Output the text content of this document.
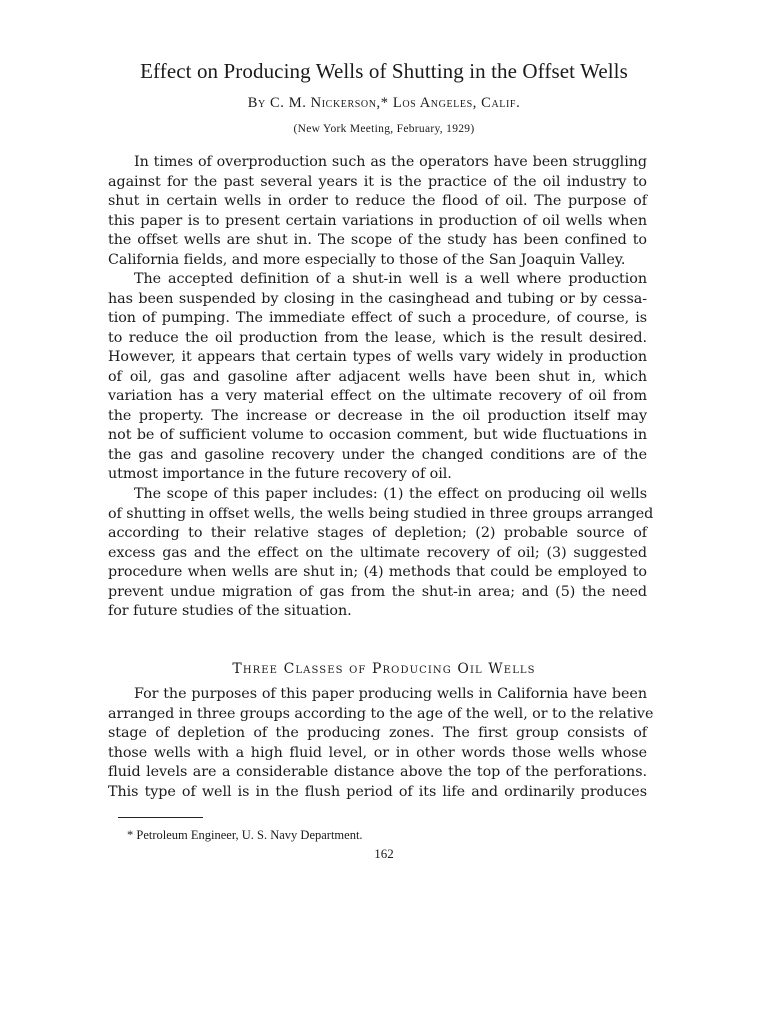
Effect on Producing Wells of Shutting in the Offset Wells
By C. M. Nickerson,* Los Angeles, Calif.
(New York Meeting, February, 1929)
In times of overproduction such as the operators have been struggling
against for the past several years it is the practice of the oil industry to
shut in certain wells in order to reduce the flood of oil. The purpose of
this paper is to present certain variations in production of oil wells when
the offset wells are shut in. The scope of the study has been confined to
California fields, and more especially to those of the San Joaquin Valley.
The accepted definition of a shut-in well is a well where production
has been suspended by closing in the casinghead and tubing or by cessa-
tion of pumping. The immediate effect of such a procedure, of course, is
to reduce the oil production from the lease, which is the result desired.
However, it appears that certain types of wells vary widely in production
of oil, gas and gasoline after adjacent wells have been shut in, which
variation has a very material effect on the ultimate recovery of oil from
the property. The increase or decrease in the oil production itself may
not be of sufficient volume to occasion comment, but wide fluctuations in
the gas and gasoline recovery under the changed conditions are of the
utmost importance in the future recovery of oil.
The scope of this paper includes: (1) the effect on producing oil wells
of shutting in offset wells, the wells being studied in three groups arranged
according to their relative stages of depletion; (2) probable source of
excess gas and the effect on the ultimate recovery of oil; (3) suggested
procedure when wells are shut in; (4) methods that could be employed to
prevent undue migration of gas from the shut-in area; and (5) the need
for future studies of the situation.
Three Classes of Producing Oil Wells
For the purposes of this paper producing wells in California have been
arranged in three groups according to the age of the well, or to the relative
stage of depletion of the producing zones. The first group consists of
those wells with a high fluid level, or in other words those wells whose
fluid levels are a considerable distance above the top of the perforations.
This type of well is in the flush period of its life and ordinarily produces
* Petroleum Engineer, U. S. Navy Department.
162
